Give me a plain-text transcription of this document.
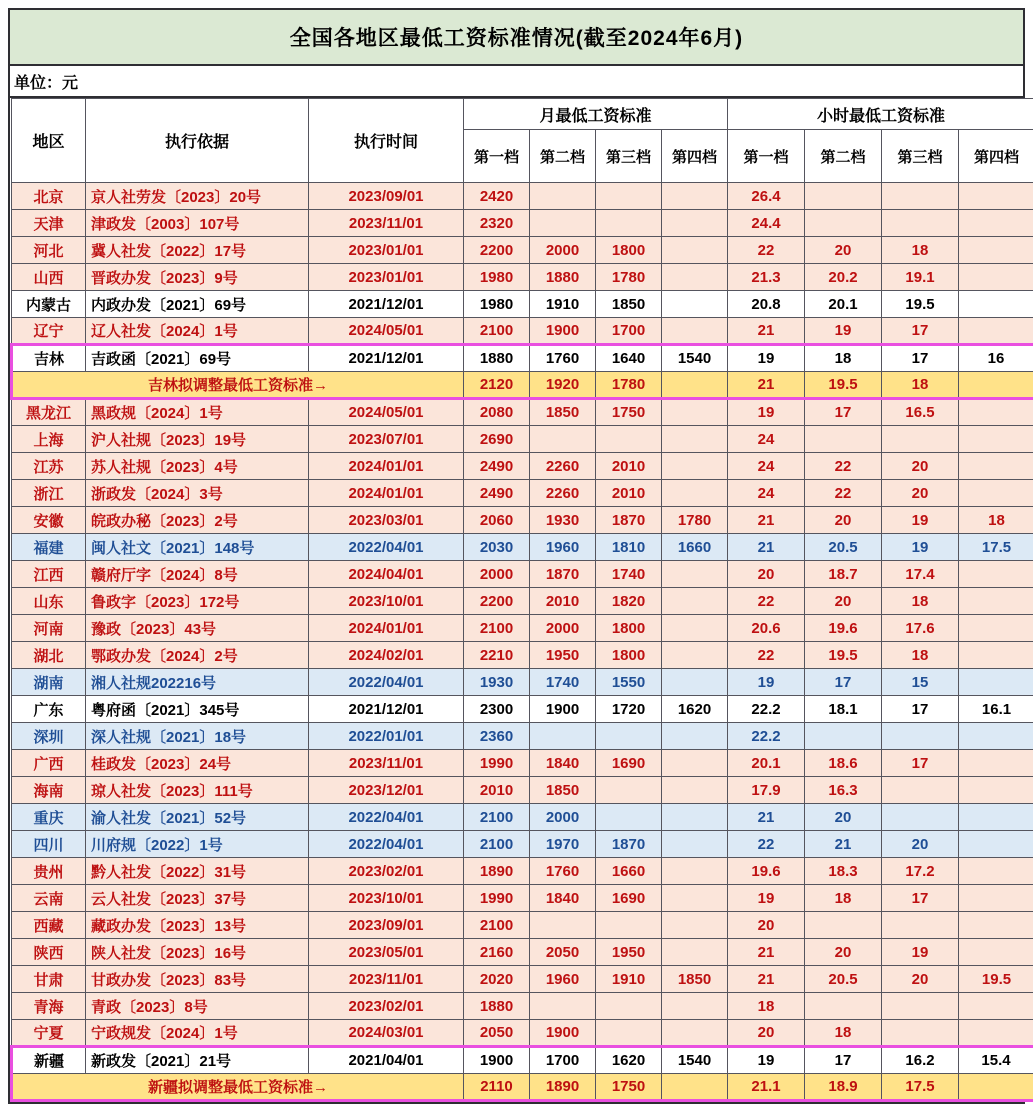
全国各地区最低工资标准情况(截至2024年6月)
单位：元
地区	执行依据	执行时间	月最低工资标准				小时最低工资标准			
			第一档	第二档	第三档	第四档	第一档	第二档	第三档	第四档
北京	京人社劳发〔2023〕20号	2023/09/01	2420				26.4			
天津	津政发〔2003〕107号	2023/11/01	2320				24.4			
河北	冀人社发〔2022〕17号	2023/01/01	2200	2000	1800		22	20	18	
山西	晋政办发〔2023〕9号	2023/01/01	1980	1880	1780		21.3	20.2	19.1	
内蒙古	内政办发〔2021〕69号	2021/12/01	1980	1910	1850		20.8	20.1	19.5	
辽宁	辽人社发〔2024〕1号	2024/05/01	2100	1900	1700		21	19	17	
吉林	吉政函〔2021〕69号	2021/12/01	1880	1760	1640	1540	19	18	17	16
吉林拟调整最低工资标准→			2120	1920	1780		21	19.5	18	
黑龙江	黑政规〔2024〕1号	2024/05/01	2080	1850	1750		19	17	16.5	
上海	沪人社规〔2023〕19号	2023/07/01	2690				24			
江苏	苏人社规〔2023〕4号	2024/01/01	2490	2260	2010		24	22	20	
浙江	浙政发〔2024〕3号	2024/01/01	2490	2260	2010		24	22	20	
安徽	皖政办秘〔2023〕2号	2023/03/01	2060	1930	1870	1780	21	20	19	18
福建	闽人社文〔2021〕148号	2022/04/01	2030	1960	1810	1660	21	20.5	19	17.5
江西	赣府厅字〔2024〕8号	2024/04/01	2000	1870	1740		20	18.7	17.4	
山东	鲁政字〔2023〕172号	2023/10/01	2200	2010	1820		22	20	18	
河南	豫政〔2023〕43号	2024/01/01	2100	2000	1800		20.6	19.6	17.6	
湖北	鄂政办发〔2024〕2号	2024/02/01	2210	1950	1800		22	19.5	18	
湖南	湘人社规202216号	2022/04/01	1930	1740	1550		19	17	15	
广东	粤府函〔2021〕345号	2021/12/01	2300	1900	1720	1620	22.2	18.1	17	16.1
深圳	深人社规〔2021〕18号	2022/01/01	2360				22.2			
广西	桂政发〔2023〕24号	2023/11/01	1990	1840	1690		20.1	18.6	17	
海南	琼人社发〔2023〕111号	2023/12/01	2010	1850			17.9	16.3		
重庆	渝人社发〔2021〕52号	2022/04/01	2100	2000			21	20		
四川	川府规〔2022〕1号	2022/04/01	2100	1970	1870		22	21	20	
贵州	黔人社发〔2022〕31号	2023/02/01	1890	1760	1660		19.6	18.3	17.2	
云南	云人社发〔2023〕37号	2023/10/01	1990	1840	1690		19	18	17	
西藏	藏政办发〔2023〕13号	2023/09/01	2100				20			
陕西	陕人社发〔2023〕16号	2023/05/01	2160	2050	1950		21	20	19	
甘肃	甘政办发〔2023〕83号	2023/11/01	2020	1960	1910	1850	21	20.5	20	19.5
青海	青政〔2023〕8号	2023/02/01	1880				18			
宁夏	宁政规发〔2024〕1号	2024/03/01	2050	1900			20	18		
新疆	新政发〔2021〕21号	2021/04/01	1900	1700	1620	1540	19	17	16.2	15.4
新疆拟调整最低工资标准→			2110	1890	1750		21.1	18.9	17.5	
